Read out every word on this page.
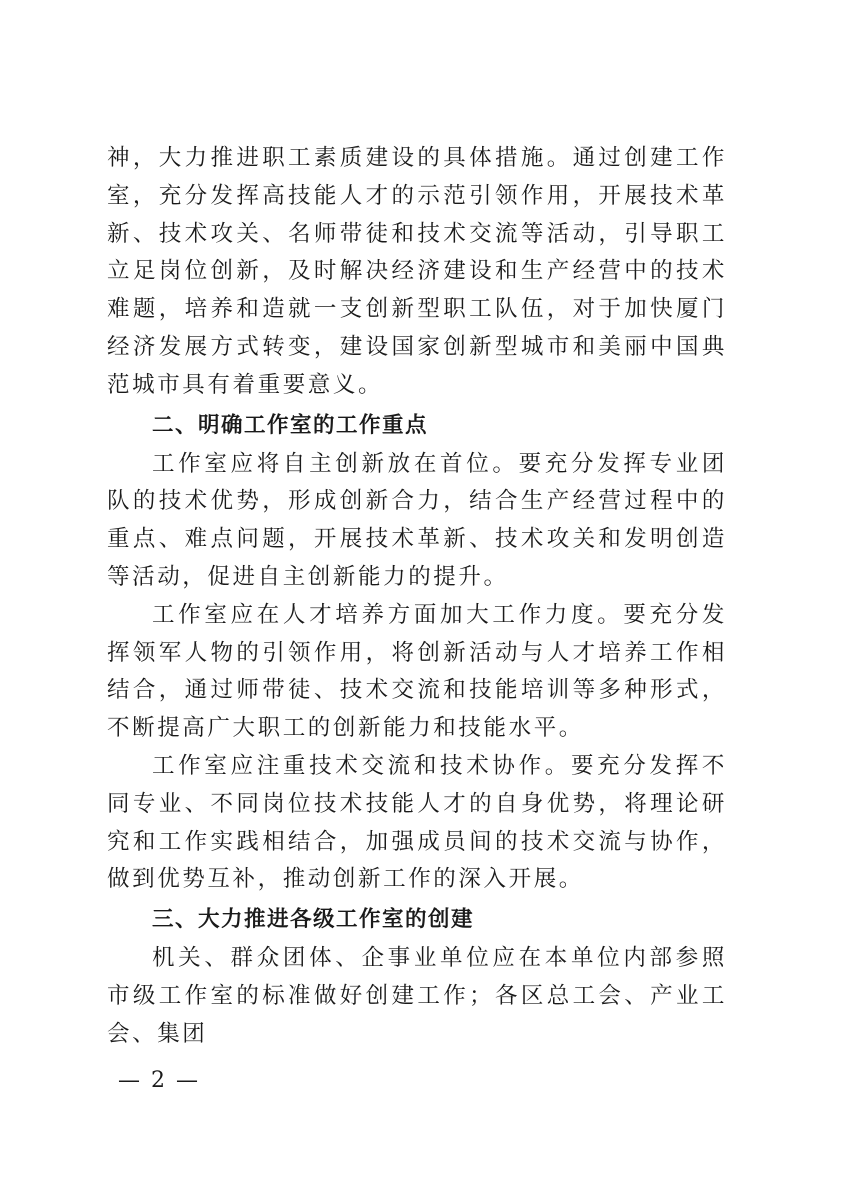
神，大力推进职工素质建设的具体措施。通过创建工作室，充分发挥高技能人才的示范引领作用，开展技术革新、技术攻关、名师带徒和技术交流等活动，引导职工立足岗位创新，及时解决经济建设和生产经营中的技术难题，培养和造就一支创新型职工队伍，对于加快厦门经济发展方式转变，建设国家创新型城市和美丽中国典范城市具有着重要意义。

二、明确工作室的工作重点

工作室应将自主创新放在首位。要充分发挥专业团队的技术优势，形成创新合力，结合生产经营过程中的重点、难点问题，开展技术革新、技术攻关和发明创造等活动，促进自主创新能力的提升。

工作室应在人才培养方面加大工作力度。要充分发挥领军人物的引领作用，将创新活动与人才培养工作相结合，通过师带徒、技术交流和技能培训等多种形式，不断提高广大职工的创新能力和技能水平。

工作室应注重技术交流和技术协作。要充分发挥不同专业、不同岗位技术技能人才的自身优势，将理论研究和工作实践相结合，加强成员间的技术交流与协作，做到优势互补，推动创新工作的深入开展。

三、大力推进各级工作室的创建

机关、群众团体、企事业单位应在本单位内部参照市级工作室的标准做好创建工作；各区总工会、产业工会、集团

— 2 —
